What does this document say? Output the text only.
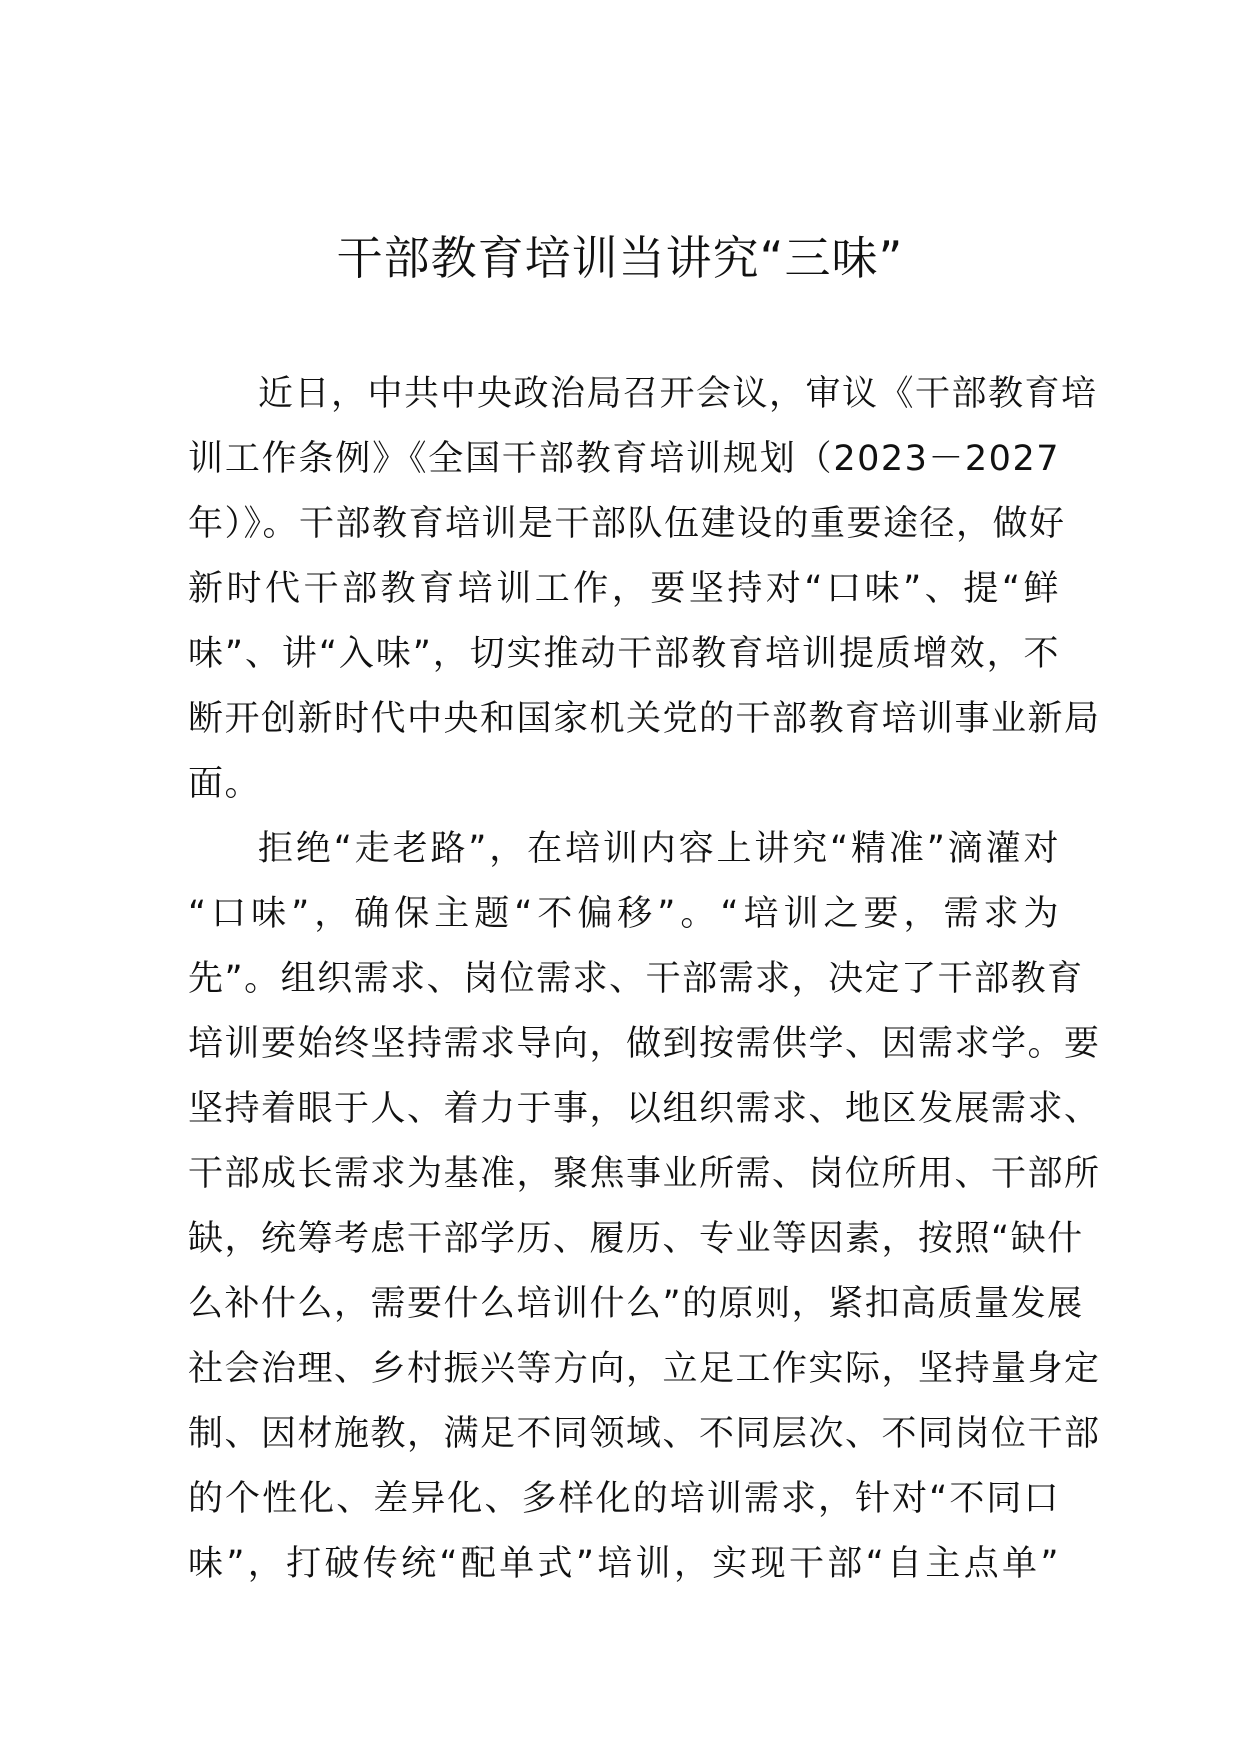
干部教育培训当讲究“三味”
近日，中共中央政治局召开会议，审议《干部教育培
训工作条例》《全国干部教育培训规划（2023－2027
年）》。干部教育培训是干部队伍建设的重要途径，做好
新时代干部教育培训工作，要坚持对“口味”、提“鲜
味”、讲“入味”，切实推动干部教育培训提质增效，不
断开创新时代中央和国家机关党的干部教育培训事业新局
面。
拒绝“走老路”，在培训内容上讲究“精准”滴灌对
“口味”，确保主题“不偏移”。“培训之要，需求为
先”。组织需求、岗位需求、干部需求，决定了干部教育
培训要始终坚持需求导向，做到按需供学、因需求学。要
坚持着眼于人、着力于事，以组织需求、地区发展需求、
干部成长需求为基准，聚焦事业所需、岗位所用、干部所
缺，统筹考虑干部学历、履历、专业等因素，按照“缺什
么补什么，需要什么培训什么”的原则，紧扣高质量发展
社会治理、乡村振兴等方向，立足工作实际，坚持量身定
制、因材施教，满足不同领域、不同层次、不同岗位干部
的个性化、差异化、多样化的培训需求，针对“不同口
味”，打破传统“配单式”培训，实现干部“自主点单”
